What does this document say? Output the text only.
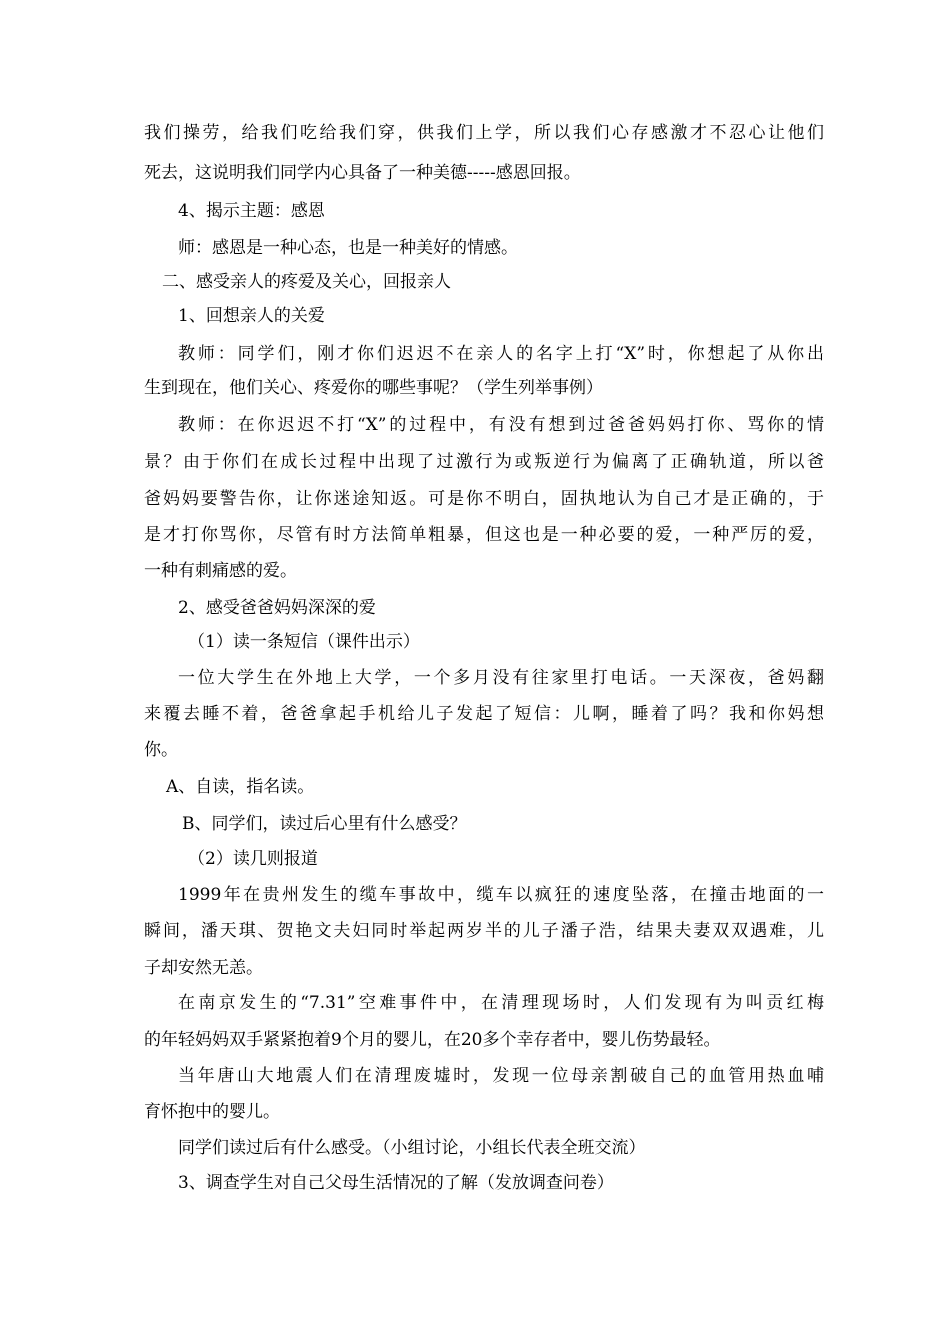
我们操劳，给我们吃给我们穿，供我们上学，所以我们心存感激才不忍心让他们
死去，这说明我们同学内心具备了一种美德-----感恩回报。
4、揭示主题：感恩
师：感恩是一种心态，也是一种美好的情感。
二、感受亲人的疼爱及关心，回报亲人
1、回想亲人的关爱
教师：同学们，刚才你们迟迟不在亲人的名字上打“X”时，你想起了从你出
生到现在，他们关心、疼爱你的哪些事呢？（学生列举事例）
教师：在你迟迟不打“X”的过程中，有没有想到过爸爸妈妈打你、骂你的情
景？由于你们在成长过程中出现了过激行为或叛逆行为偏离了正确轨道，所以爸
爸妈妈要警告你，让你迷途知返。可是你不明白，固执地认为自己才是正确的，于
是才打你骂你，尽管有时方法简单粗暴，但这也是一种必要的爱，一种严厉的爱，
一种有刺痛感的爱。
2、感受爸爸妈妈深深的爱
（1）读一条短信（课件出示）
一位大学生在外地上大学，一个多月没有往家里打电话。一天深夜，爸妈翻
来覆去睡不着，爸爸拿起手机给儿子发起了短信：儿啊，睡着了吗？我和你妈想
你。
A、自读，指名读。
B、同学们，读过后心里有什么感受？
（2）读几则报道
1999年在贵州发生的缆车事故中，缆车以疯狂的速度坠落，在撞击地面的一
瞬间，潘天琪、贺艳文夫妇同时举起两岁半的儿子潘子浩，结果夫妻双双遇难，儿
子却安然无恙。
在南京发生的“7.31”空难事件中，在清理现场时，人们发现有为叫贡红梅
的年轻妈妈双手紧紧抱着9个月的婴儿，在20多个幸存者中，婴儿伤势最轻。
当年唐山大地震人们在清理废墟时，发现一位母亲割破自己的血管用热血哺
育怀抱中的婴儿。
同学们读过后有什么感受。（小组讨论，小组长代表全班交流）
3、调查学生对自己父母生活情况的了解（发放调查问卷）
